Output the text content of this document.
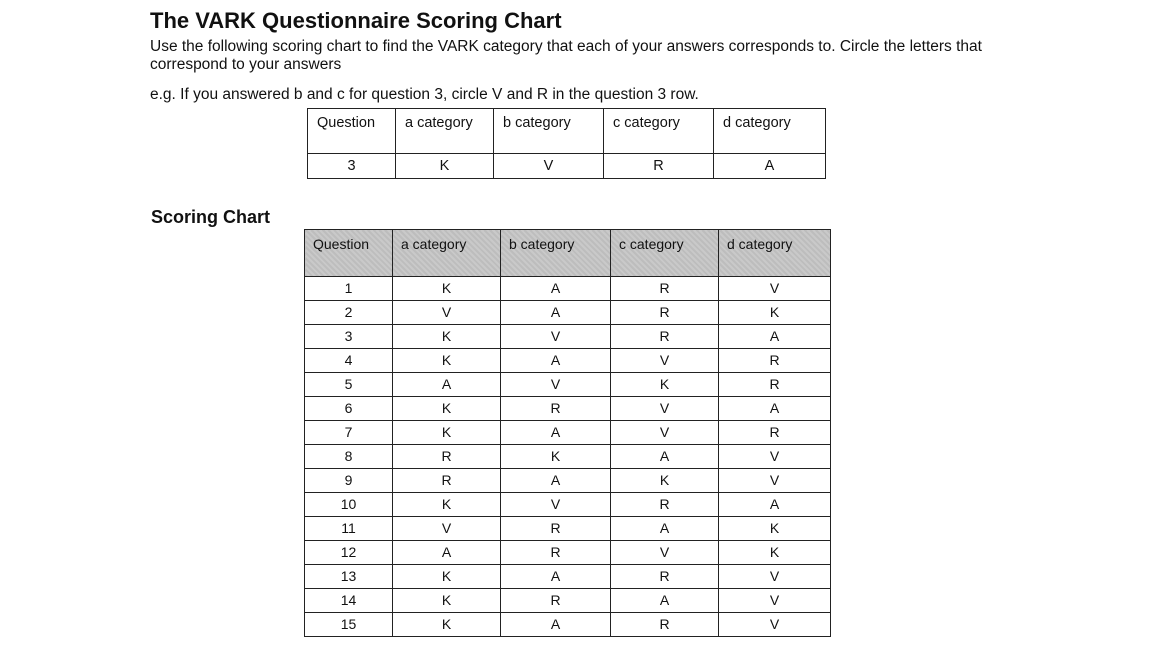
The VARK Questionnaire Scoring Chart

Use the following scoring chart to find the VARK category that each of your answers corresponds to. Circle the letters that correspond to your answers

e.g. If you answered b and c for question 3, circle V and R in the question 3 row.

Question	a category	b category	c category	d category
3	K	V	R	A
Scoring Chart
Question	a category	b category	c category	d category
1	K	A	R	V
2	V	A	R	K

3	K	V	R	A

4	K	A	V	R
5	A	V	K	R
6	K	R	V	A
7	K	A	V	R
8	R	K	A	V

9	R	A	K	V

10	K	V	R	A
11	V	R	A	K

12	A	R	V	K

13	K	A	R	V

14	K	R	A	V

15	K	A	R	V
